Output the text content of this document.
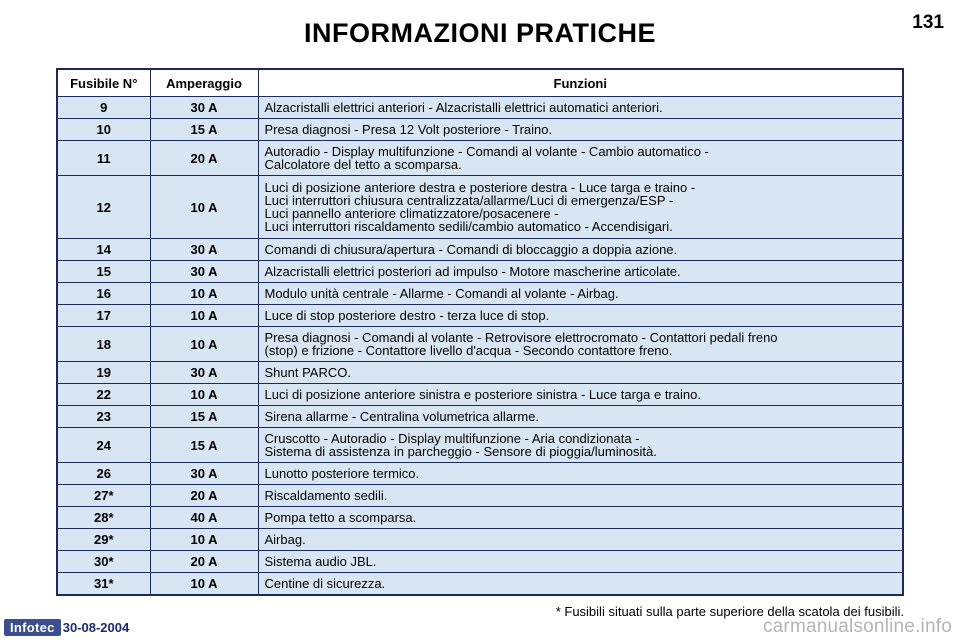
INFORMAZIONI PRATICHE	131
Fusibile N°	Amperaggio	Funzioni
9	30 A	Alzacristalli elettrici anteriori - Alzacristalli elettrici automatici anteriori.
10	15 A	Presa diagnosi - Presa 12 Volt posteriore - Traino.
11	20 A	Autoradio - Display multifunzione - Comandi al volante - Cambio automatico -
Calcolatore del tetto a scomparsa.
12	10 A	Luci di posizione anteriore destra e posteriore destra - Luce targa e traino -
Luci interruttori chiusura centralizzata/allarme/Luci di emergenza/ESP -
Luci pannello anteriore climatizzatore/posacenere -
Luci interruttori riscaldamento sedili/cambio automatico - Accendisigari.
14	30 A	Comandi di chiusura/apertura - Comandi di bloccaggio a doppia azione.
15	30 A	Alzacristalli elettrici posteriori ad impulso - Motore mascherine articolate.
16	10 A	Modulo unità centrale - Allarme - Comandi al volante - Airbag.
17	10 A	Luce di stop posteriore destro - terza luce di stop.
18	10 A	Presa diagnosi - Comandi al volante - Retrovisore elettrocromato - Contattori pedali freno
(stop) e frizione - Contattore livello d'acqua - Secondo contattore freno.
19	30 A	Shunt PARCO.
22	10 A	Luci di posizione anteriore sinistra e posteriore sinistra - Luce targa e traino.
23	15 A	Sirena allarme - Centralina volumetrica allarme.
24	15 A	Cruscotto - Autoradio - Display multifunzione - Aria condizionata -
Sistema di assistenza in parcheggio - Sensore di pioggia/luminosità.
26	30 A	Lunotto posteriore termico.
27*	20 A	Riscaldamento sedili.
28*	40 A	Pompa tetto a scomparsa.
29*	10 A	Airbag.
30*	20 A	Sistema audio JBL.
31*	10 A	Centine di sicurezza.
* Fusibili situati sulla parte superiore della scatola dei fusibili.
Infotec 30-08-2004	carmanualsonline.info
